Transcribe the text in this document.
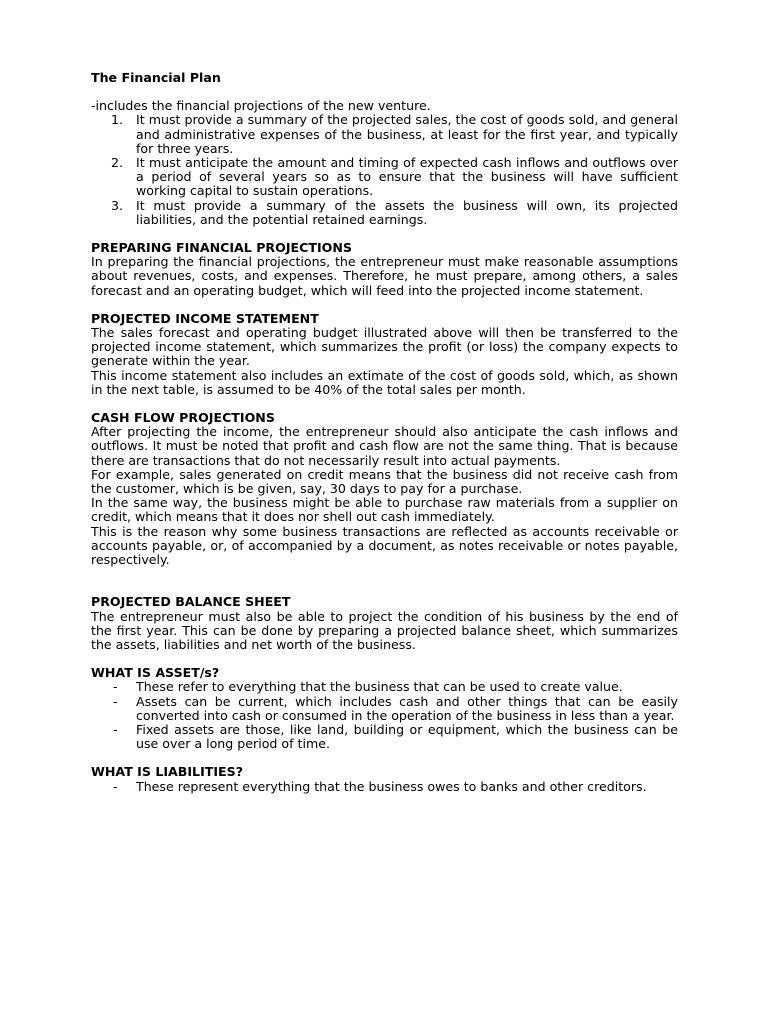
The Financial Plan

-includes the financial projections of the new venture.

1. It must provide a summary of the projected sales, the cost of goods sold, and general and administrative expenses of the business, at least for the first year, and typically for three years.
2. It must anticipate the amount and timing of expected cash inflows and outflows over a period of several years so as to ensure that the business will have sufficient working capital to sustain operations.
3. It must provide a summary of the assets the business will own, its projected liabilities, and the potential retained earnings.

PREPARING FINANCIAL PROJECTIONS

In preparing the financial projections, the entrepreneur must make reasonable assumptions about revenues, costs, and expenses. Therefore, he must prepare, among others, a sales forecast and an operating budget, which will feed into the projected income statement.

PROJECTED INCOME STATEMENT

The sales forecast and operating budget illustrated above will then be transferred to the projected income statement, which summarizes the profit (or loss) the company expects to generate within the year.

This income statement also includes an extimate of the cost of goods sold, which, as shown in the next table, is assumed to be 40% of the total sales per month.

CASH FLOW PROJECTIONS

After projecting the income, the entrepreneur should also anticipate the cash inflows and outflows. It must be noted that profit and cash flow are not the same thing. That is because there are transactions that do not necessarily result into actual payments.

For example, sales generated on credit means that the business did not receive cash from the customer, which is be given, say, 30 days to pay for a purchase.

In the same way, the business might be able to purchase raw materials from a supplier on credit, which means that it does nor shell out cash immediately.

This is the reason why some business transactions are reflected as accounts receivable or accounts payable, or, of accompanied by a document, as notes receivable or notes payable, respectively.

PROJECTED BALANCE SHEET

The entrepreneur must also be able to project the condition of his business by the end of the first year. This can be done by preparing a projected balance sheet, which summarizes the assets, liabilities and net worth of the business.

WHAT IS ASSET/s?

- These refer to everything that the business that can be used to create value.
- Assets can be current, which includes cash and other things that can be easily converted into cash or consumed in the operation of the business in less than a year.
- Fixed assets are those, like land, building or equipment, which the business can be use over a long period of time.

WHAT IS LIABILITIES?

- These represent everything that the business owes to banks and other creditors.
